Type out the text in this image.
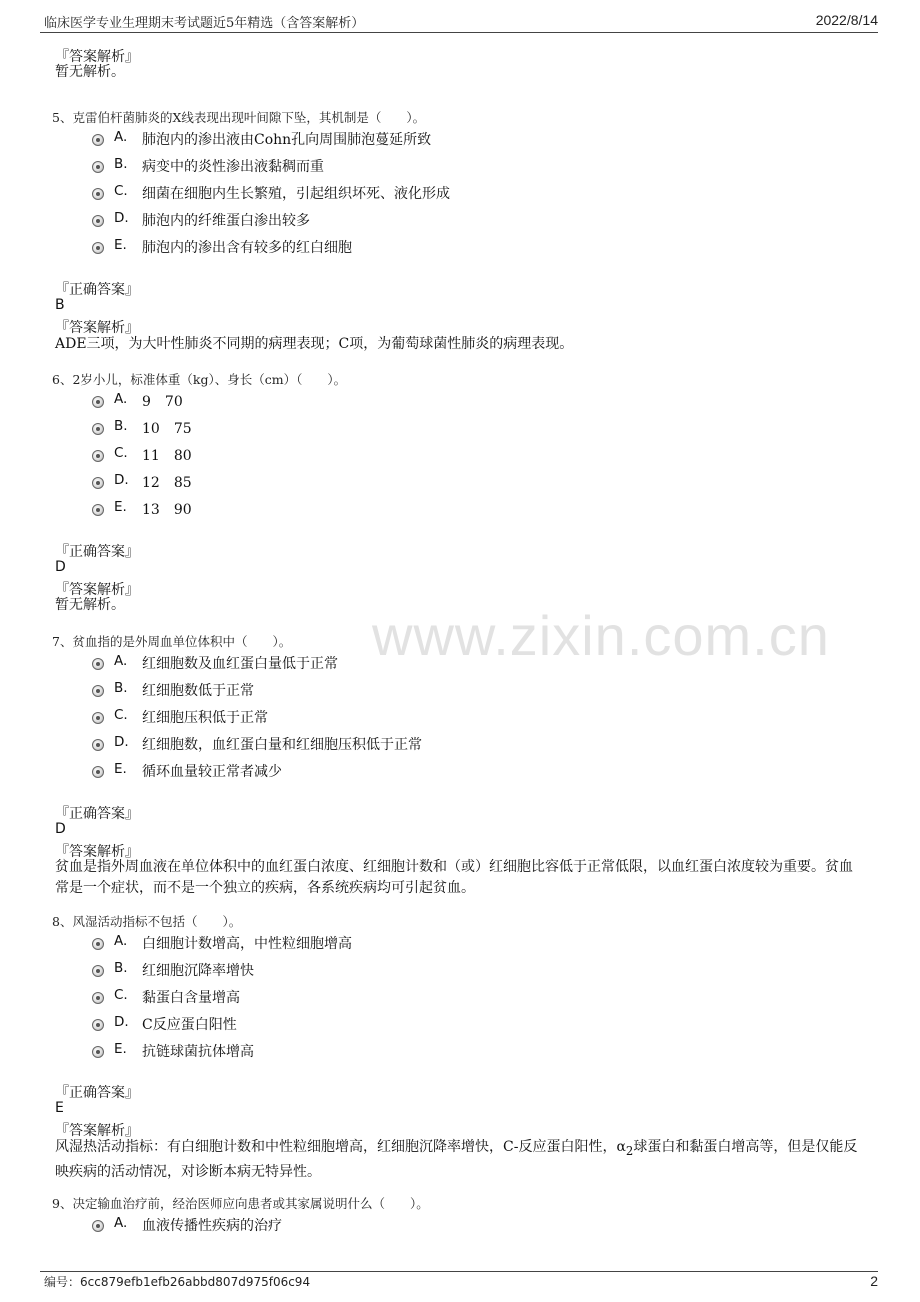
临床医学专业生理期末考试题近5年精选（含答案解析）	2022/8/14
www.zixin.com.cn
『答案解析』
暂无解析。
5、克雷伯杆菌肺炎的X线表现出现叶间隙下坠，其机制是（　　）。
A. 肺泡内的渗出液由Cohn孔向周围肺泡蔓延所致
B. 病变中的炎性渗出液黏稠而重
C. 细菌在细胞内生长繁殖，引起组织坏死、液化形成
D. 肺泡内的纤维蛋白渗出较多
E. 肺泡内的渗出含有较多的红白细胞
『正确答案』
B
『答案解析』
ADE三项，为大叶性肺炎不同期的病理表现；C项，为葡萄球菌性肺炎的病理表现。
6、2岁小儿，标准体重（kg）、身长（cm）（　　）。
A. 9　70
B. 10　75
C. 11　80
D. 12　85
E. 13　90
『正确答案』
D
『答案解析』
暂无解析。
7、贫血指的是外周血单位体积中（　　）。
A. 红细胞数及血红蛋白量低于正常
B. 红细胞数低于正常
C. 红细胞压积低于正常
D. 红细胞数，血红蛋白量和红细胞压积低于正常
E. 循环血量较正常者减少
『正确答案』
D
『答案解析』
贫血是指外周血液在单位体积中的血红蛋白浓度、红细胞计数和（或）红细胞比容低于正常低限，以血红蛋白浓度较为重要。贫血常是一个症状，而不是一个独立的疾病，各系统疾病均可引起贫血。
8、风湿活动指标不包括（　　）。
A. 白细胞计数增高，中性粒细胞增高
B. 红细胞沉降率增快
C. 黏蛋白含量增高
D. C反应蛋白阳性
E. 抗链球菌抗体增高
『正确答案』
E
『答案解析』
风湿热活动指标：有白细胞计数和中性粒细胞增高，红细胞沉降率增快，C-反应蛋白阳性，$\alpha_2$球蛋白和黏蛋白增高等，但是仅能反映疾病的活动情况，对诊断本病无特异性。
9、决定输血治疗前，经治医师应向患者或其家属说明什么（　　）。
A. 血液传播性疾病的治疗
编号：6cc879efb1efb26abbd807d975f06c94	2
